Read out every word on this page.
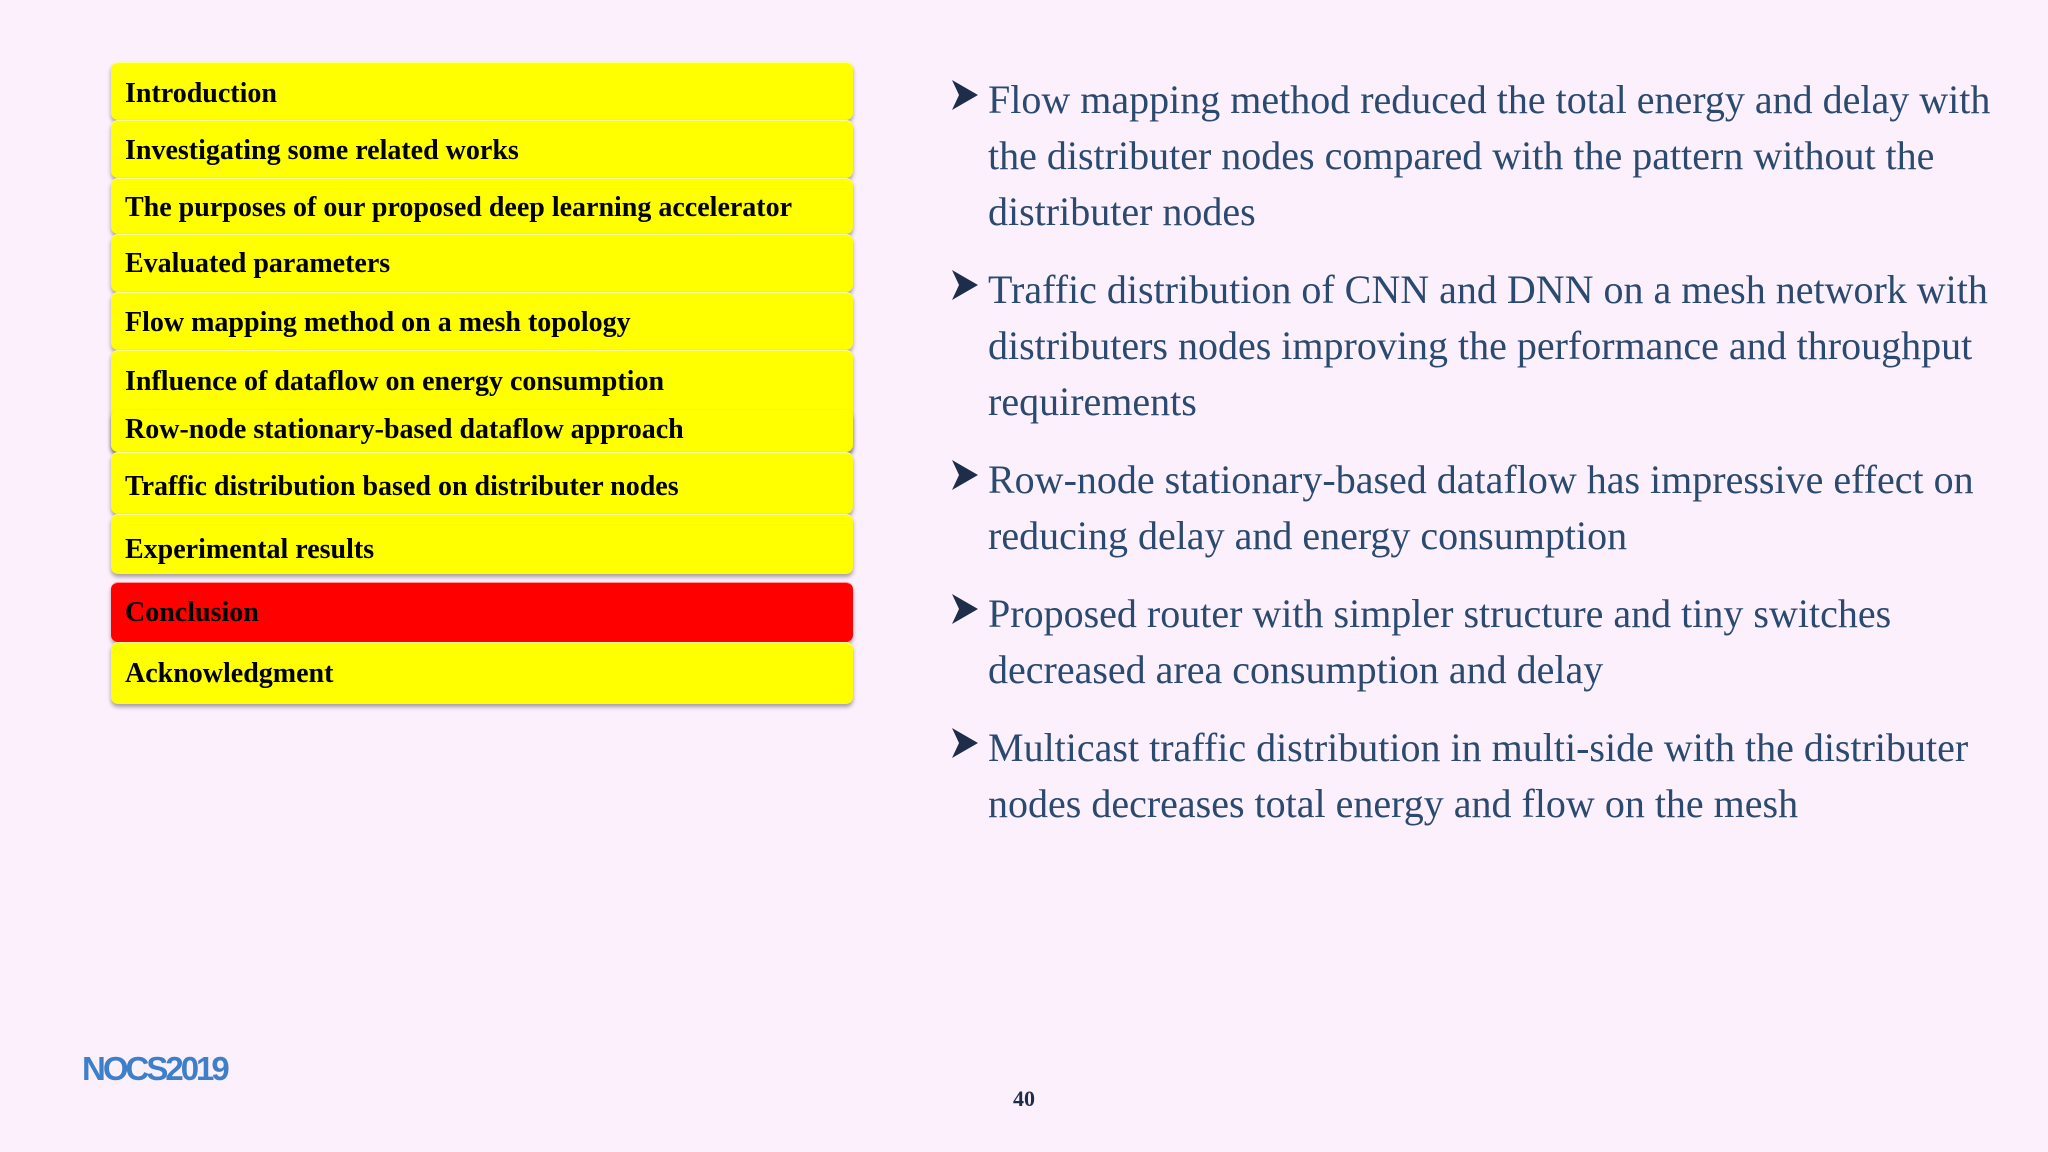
Introduction
Investigating some related works
The purposes of our proposed deep learning accelerator
Evaluated parameters
Flow mapping method on a mesh topology
Influence of dataflow on energy consumption
Row-node stationary-based dataflow approach
Traffic distribution based on distributer nodes
Experimental results
Conclusion
Acknowledgment
Flow mapping method reduced the total energy and delay with the distributer nodes compared with the pattern without the distributer nodes
Traffic distribution of CNN and DNN on a mesh network with distributers nodes improving the performance and throughput requirements
Row-node stationary-based dataflow has impressive effect on reducing delay and energy consumption
Proposed router with simpler structure and tiny switches decreased area consumption and delay
Multicast traffic distribution in multi-side with the distributer nodes decreases total energy and flow on the mesh
NOCS2019
40
